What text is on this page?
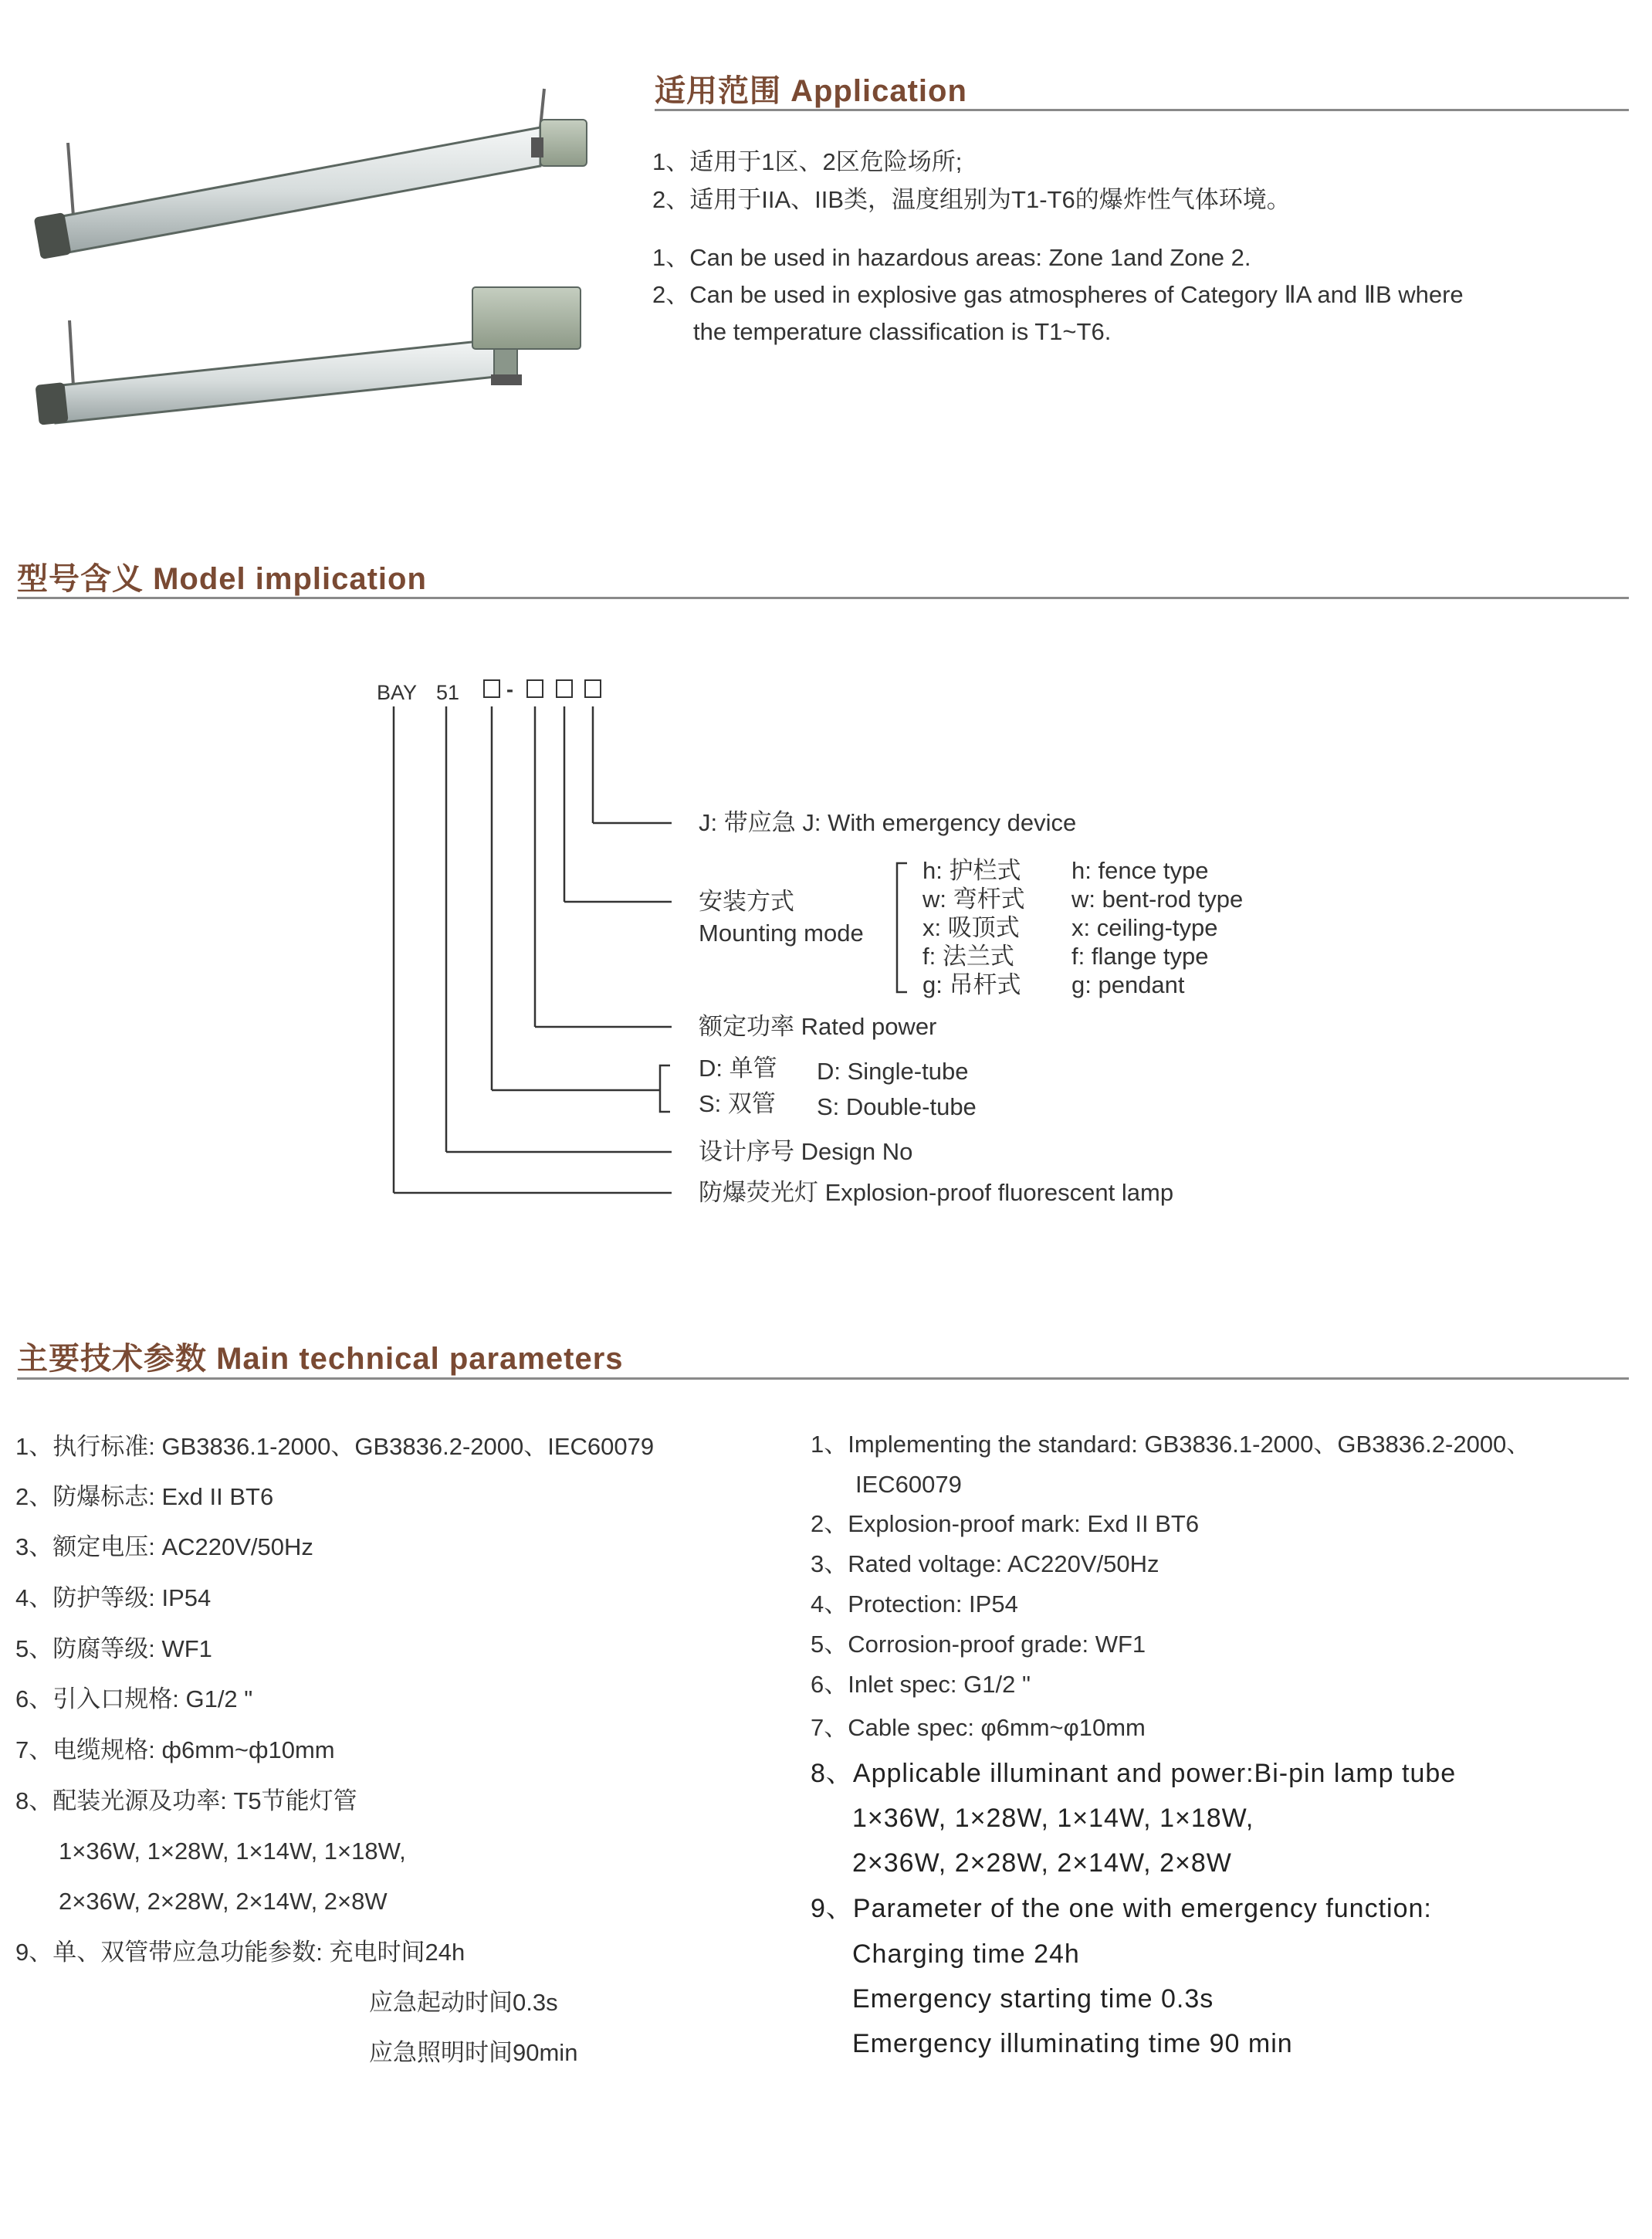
适用范围 Application
1、适用于1区、2区危险场所;
2、适用于IIA、IIB类，温度组别为T1-T6的爆炸性气体环境。
1、Can be used in hazardous areas: Zone 1and Zone 2.
2、Can be used in explosive gas atmospheres of Category ⅡA and ⅡB where
the temperature classification is T1~T6.
型号含义 Model implication
BAY 51 -
J: 带应急 J: With emergency device
安装方式
Mounting mode
h: 护栏式
w: 弯杆式
x: 吸顶式
f: 法兰式
g: 吊杆式
h: fence type
w: bent-rod type
x: ceiling-type
f: flange type
g: pendant
额定功率 Rated power
D: 单管
S: 双管
D: Single-tube
S: Double-tube
设计序号 Design No
防爆荧光灯 Explosion-proof fluorescent lamp
主要技术参数 Main technical parameters
1、执行标准: GB3836.1-2000、GB3836.2-2000、IEC60079
2、防爆标志: Exd II BT6
3、额定电压: AC220V/50Hz
4、防护等级: IP54
5、防腐等级: WF1
6、引入口规格: G1/2 "
7、电缆规格: ф6mm~ф10mm
8、配装光源及功率: T5节能灯管
1×36W, 1×28W, 1×14W, 1×18W,
2×36W, 2×28W, 2×14W, 2×8W
9、单、双管带应急功能参数: 充电时间24h
应急起动时间0.3s
应急照明时间90min
1、Implementing the standard: GB3836.1-2000、GB3836.2-2000、
IEC60079
2、Explosion-proof mark: Exd II BT6
3、Rated voltage: AC220V/50Hz
4、Protection: IP54
5、Corrosion-proof grade: WF1
6、Inlet spec: G1/2 "
7、Cable spec: φ6mm~φ10mm
8、Applicable illuminant and power:Bi-pin lamp tube
1×36W, 1×28W, 1×14W, 1×18W,
2×36W, 2×28W, 2×14W, 2×8W
9、Parameter of the one with emergency function:
Charging time 24h
Emergency starting time 0.3s
Emergency illuminating time 90 min
